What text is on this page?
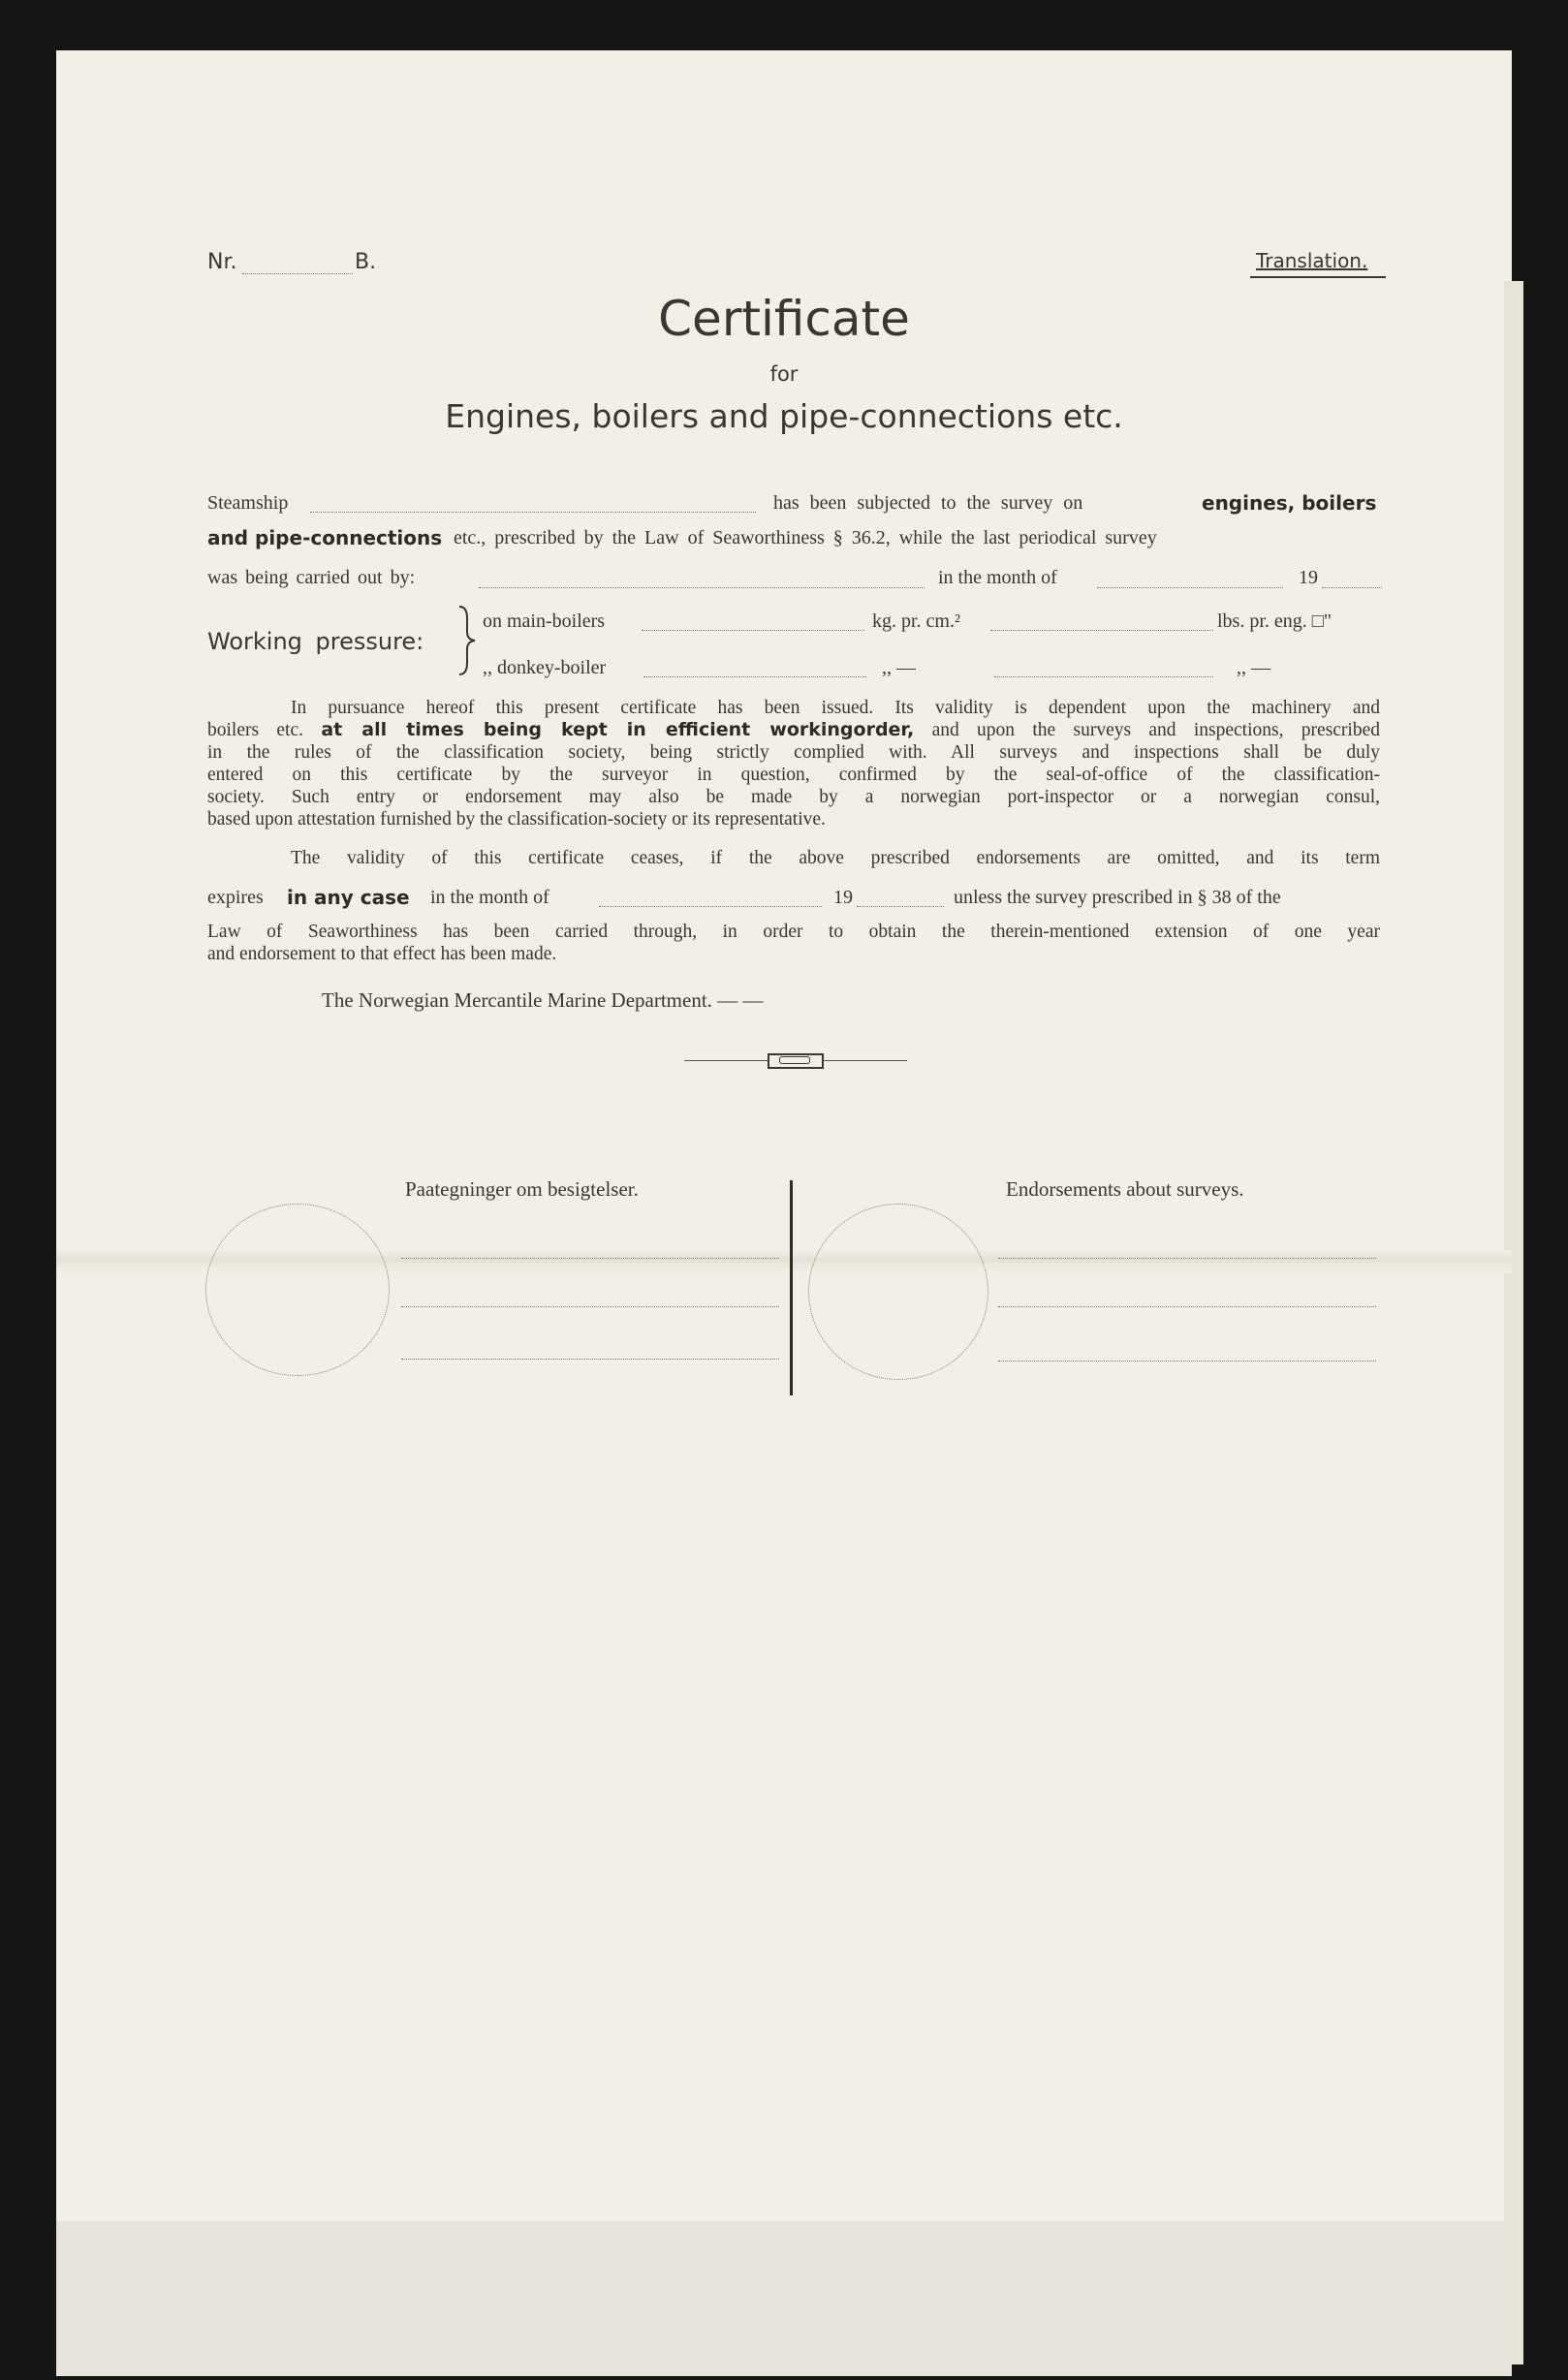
Nr.	B.	Translation.
Certificate
for
Engines, boilers and pipe-connections etc.
Steamship	has been subjected to the survey on	engines, boilers
and pipe-connections etc., prescribed by the Law of Seaworthiness § 36.2, while the last periodical survey
was being carried out by:	in the month of	19
Working pressure:
on main-boilers	kg. pr. cm.²	lbs. pr. eng. □"
,, donkey-boiler	,, —	,, —
In pursuance hereof this present certificate has been issued. Its validity is dependent upon the machinery and
boilers etc. at all times being kept in efficient workingorder, and upon the surveys and inspections, prescribed
in the rules of the classification society, being strictly complied with. All surveys and inspections shall be duly
entered on this certificate by the surveyor in question, confirmed by the seal-of-office of the classification-
society. Such entry or endorsement may also be made by a norwegian port-inspector or a norwegian consul,
based upon attestation furnished by the classification-society or its representative.
The validity of this certificate ceases, if the above prescribed endorsements are omitted, and its term
expires in any case in the month of	19	unless the survey prescribed in § 38 of the
Law of Seaworthiness has been carried through, in order to obtain the therein-mentioned extension of one year
and endorsement to that effect has been made.
The Norwegian Mercantile Marine Department. — —
Paategninger om besigtelser.	Endorsements about surveys.
